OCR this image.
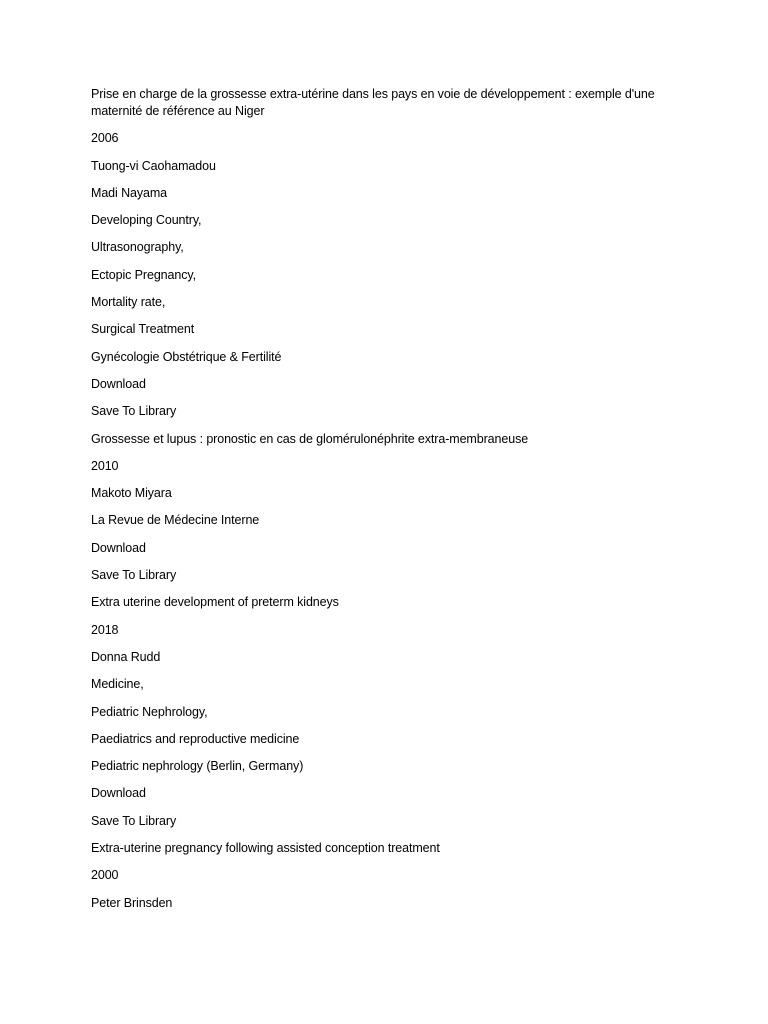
Prise en charge de la grossesse extra-utérine dans les pays en voie de développement : exemple d'une maternité de référence au Niger
2006
Tuong-vi Caohamadou
Madi Nayama
Developing Country,
Ultrasonography,
Ectopic Pregnancy,
Mortality rate,
Surgical Treatment
Gynécologie Obstétrique & Fertilité
Download
Save To Library
Grossesse et lupus : pronostic en cas de glomérulonéphrite extra-membraneuse
2010
Makoto Miyara
La Revue de Médecine Interne
Download
Save To Library
Extra uterine development of preterm kidneys
2018
Donna Rudd
Medicine,
Pediatric Nephrology,
Paediatrics and reproductive medicine
Pediatric nephrology (Berlin, Germany)
Download
Save To Library
Extra-uterine pregnancy following assisted conception treatment
2000
Peter Brinsden
